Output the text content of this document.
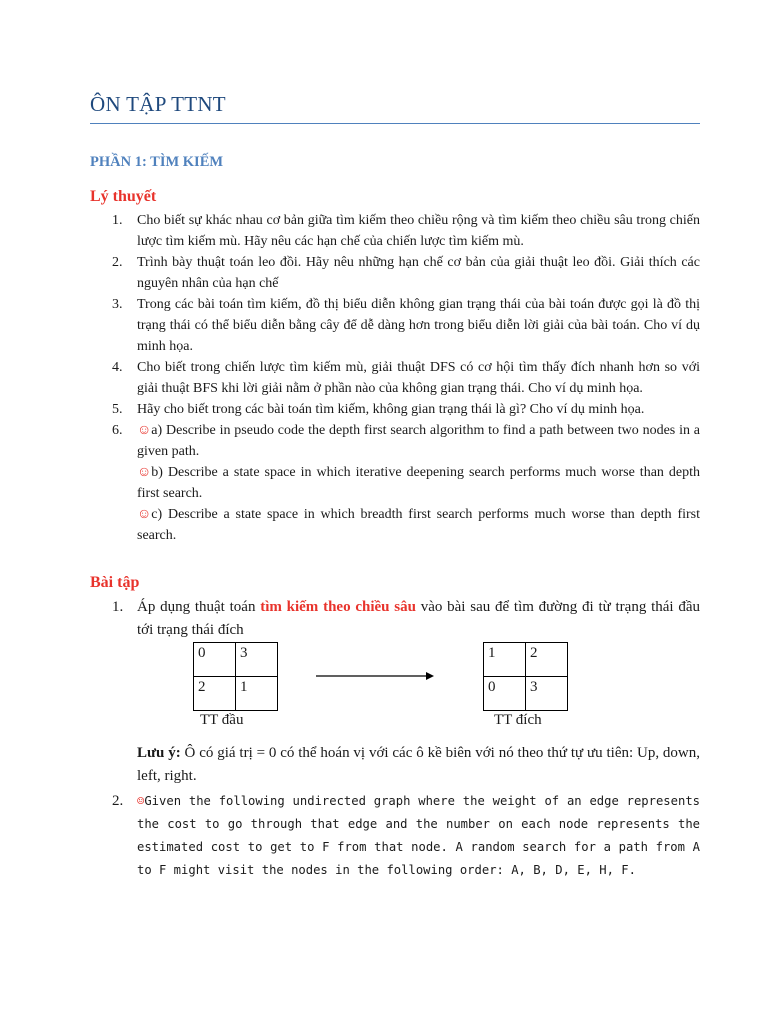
ÔN TẬP TTNT
PHẦN 1: TÌM KIẾM
Lý thuyết
1. Cho biết sự khác nhau cơ bản giữa tìm kiếm theo chiều rộng và tìm kiếm theo chiều sâu trong chiến lược tìm kiếm mù. Hãy nêu các hạn chế của chiến lược tìm kiếm mù.

2. Trình bày thuật toán leo đồi. Hãy nêu những hạn chế cơ bản của giải thuật leo đồi. Giải thích các nguyên nhân của hạn chế

3. Trong các bài toán tìm kiếm, đồ thị biểu diễn không gian trạng thái của bài toán được gọi là đồ thị trạng thái có thể biểu diễn bằng cây để dễ dàng hơn trong biểu diễn lời giải của bài toán. Cho ví dụ minh họa.

4. Cho biết trong chiến lược tìm kiếm mù, giải thuật DFS có cơ hội tìm thấy đích nhanh hơn so với giải thuật BFS khi lời giải nằm ở phần nào của không gian trạng thái. Cho ví dụ minh họa.

5. Hãy cho biết trong các bài toán tìm kiếm, không gian trạng thái là gì? Cho ví dụ minh họa.

6. ☺a) Describe in pseudo code the depth first search algorithm to find a path between two nodes in a given path.

☺b) Describe a state space in which iterative deepening search performs much worse than depth first search.

☺c) Describe a state space in which breadth first search performs much worse than depth first search.

Bài tập
1. Áp dụng thuật toán tìm kiếm theo chiều sâu vào bài sau để tìm đường đi từ trạng thái đầu tới trạng thái đích

0	3
2	1
1	2
0	3
TT đầu	TT đích
Lưu ý: Ô có giá trị = 0 có thể hoán vị với các ô kề biên với nó theo thứ tự ưu tiên: Up, down, left, right.
2. ☺Given the following undirected graph where the weight of an edge represents the cost to go through that edge and the number on each node represents the estimated cost to get to F from that node. A random search for a path from A to F might visit the nodes in the following order: A, B, D, E, H, F.
